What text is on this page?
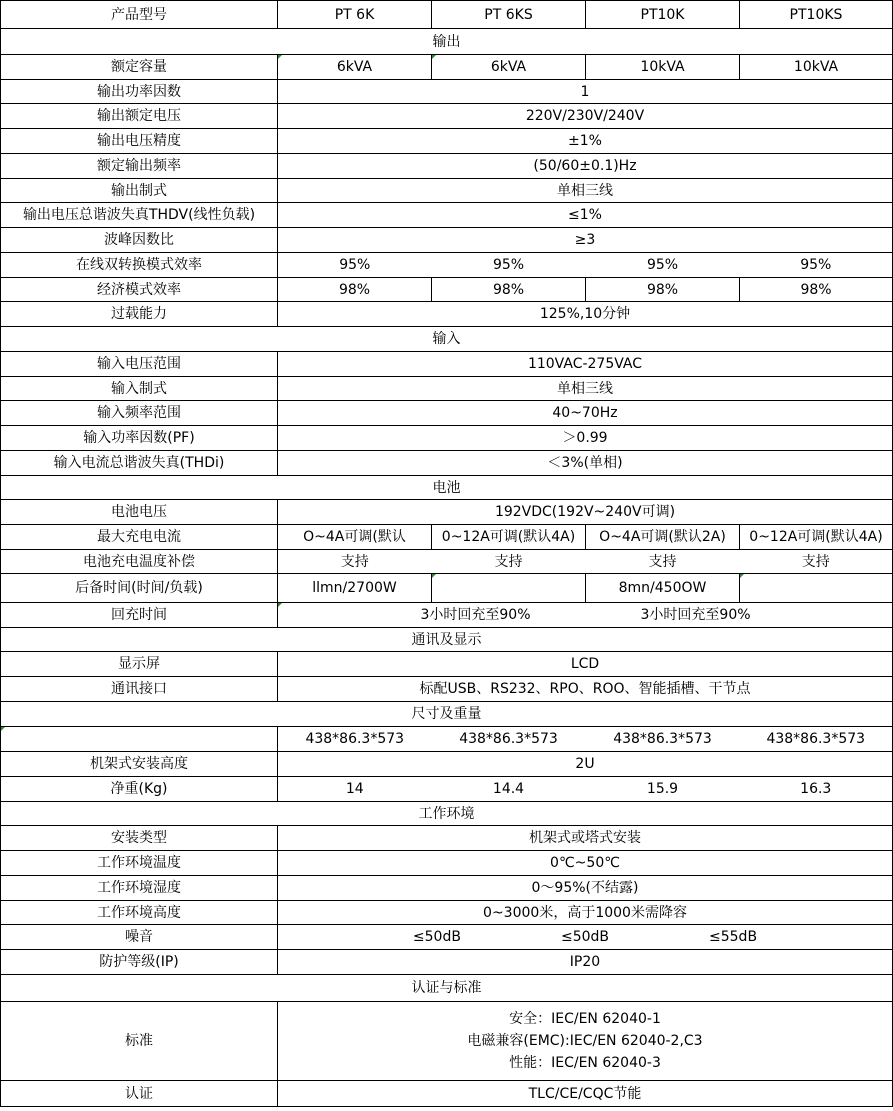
产品型号	PT 6K	PT 6KS	PT10K	PT10KS
输出				
额定容量	6kVA	6kVA	10kVA	10kVA
输出功率因数	1			
输出额定电压	220V/230V/240V			
输出电压精度	±1%			
额定输出频率	(50/60±0.1)Hz			
输出制式	单相三线			
输出电压总谐波失真THDV(线性负载)	≤1%			
波峰因数比	≥3			
在线双转换模式效率	95%	95%	95%	95%
经济模式效率	98%	98%	98%	98%
过载能力	125%,10分钟			
输入				
输入电压范围	110VAC-275VAC			
输入制式	单相三线			
输入频率范围	40~70Hz			
输入功率因数(PF)	＞0.99			
输入电流总谐波失真(THDi)	＜3%(单相)			
电池				
电池电压	192VDC(192V~240V可调)			
最大充电电流	O~4A可调(默认	0~12A可调(默认4A)	O~4A可调(默认2A)	0~12A可调(默认4A)
电池充电温度补偿	支持	支持	支持	支持
后备时间(时间/负载)	llmn/2700W		8mn/450OW	
回充时间	3小时回充至90%		3小时回充至90%	
通讯及显示				
显示屏	LCD			
通讯接口	标配USB、RS232、RPO、ROO、智能插槽、干节点			
尺寸及重量				
	438*86.3*573	438*86.3*573	438*86.3*573	438*86.3*573
机架式安装高度	2U			
净重(Kg)	14	14.4	15.9	16.3
工作环境				
安装类型	机架式或塔式安装			
工作环境温度	0℃~50℃			
工作环境湿度	0～95%(不结露)			
工作环境高度	0~3000米，高于1000米需降容			
噪音	≤50dB ≤50dB ≤55dB			

防护等级(IP)	IP20			
认证与标准				
标准	安全：IEC/EN 62040-1
电磁兼容(EMC):IEC/EN 62040-2,C3
性能：IEC/EN 62040-3			

认证	TLC/CE/CQC节能			
